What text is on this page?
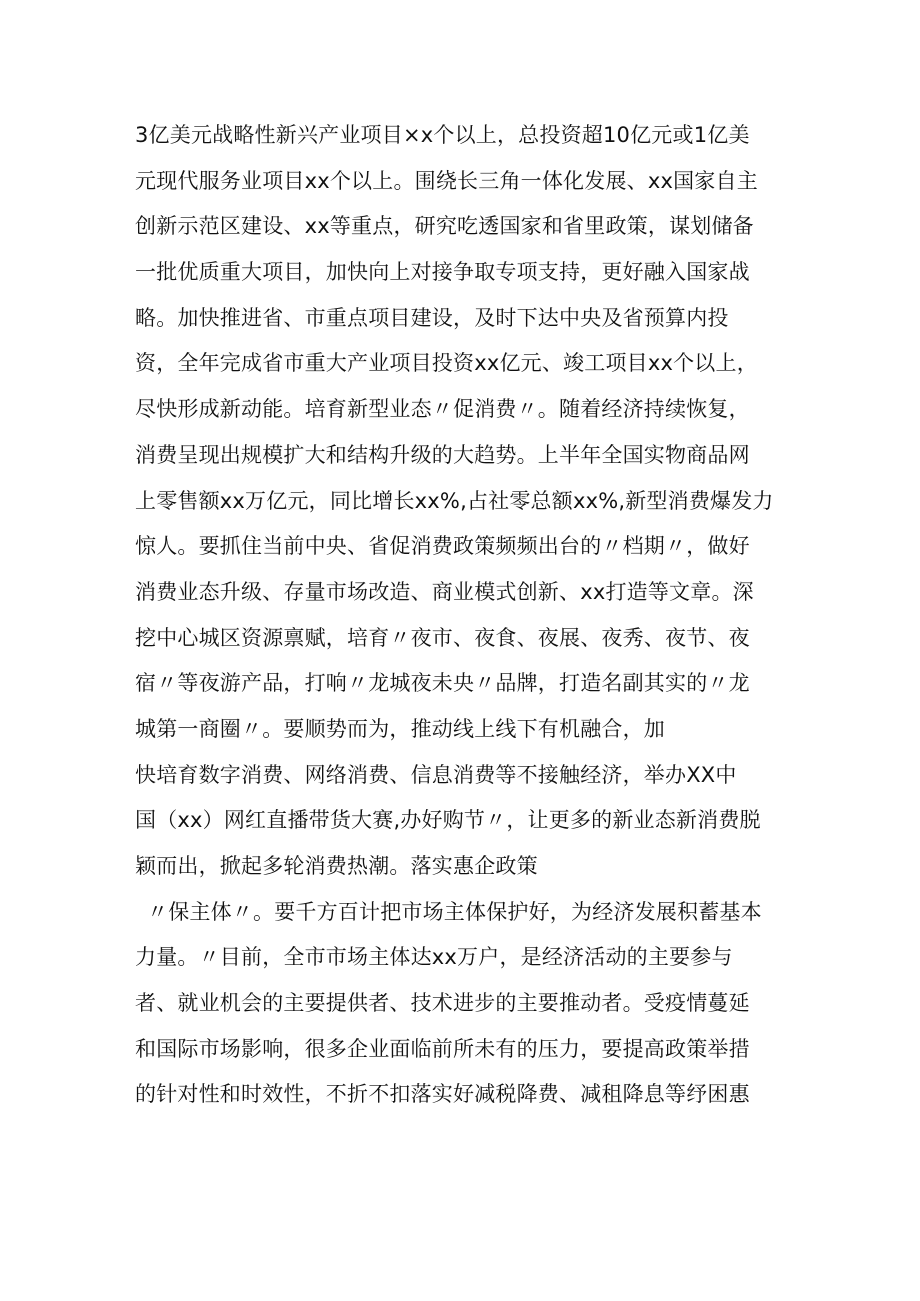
3亿美元战略性新兴产业项目×x个以上，总投资超10亿元或1亿美
元现代服务业项目xx个以上。围绕长三角一体化发展、xx国家自主
创新示范区建设、xx等重点，研究吃透国家和省里政策，谋划储备
一批优质重大项目，加快向上对接争取专项支持，更好融入国家战
略。加快推进省、市重点项目建设，及时下达中央及省预算内投
资，全年完成省市重大产业项目投资xx亿元、竣工项目xx个以上，
尽快形成新动能。培育新型业态〃促消费〃。随着经济持续恢复，
消费呈现出规模扩大和结构升级的大趋势。上半年全国实物商品网
上零售额xx万亿元，同比增长xx%,占社零总额xx%,新型消费爆发力
惊人。要抓住当前中央、省促消费政策频频出台的〃档期〃，做好
消费业态升级、存量市场改造、商业模式创新、xx打造等文章。深
挖中心城区资源禀赋，培育〃夜市、夜食、夜展、夜秀、夜节、夜
宿〃等夜游产品，打响〃龙城夜未央〃品牌，打造名副其实的〃龙
城第一商圈〃。要顺势而为，推动线上线下有机融合，加
快培育数字消费、网络消费、信息消费等不接触经济，举办XX中
国（xx）网红直播带货大赛,办好购节〃，让更多的新业态新消费脱
颖而出，掀起多轮消费热潮。落实惠企政策
〃保主体〃。要千方百计把市场主体保护好，为经济发展积蓄基本
力量。〃目前，全市市场主体达xx万户，是经济活动的主要参与
者、就业机会的主要提供者、技术进步的主要推动者。受疫情蔓延
和国际市场影响，很多企业面临前所未有的压力，要提高政策举措
的针对性和时效性，不折不扣落实好减税降费、减租降息等纾困惠
